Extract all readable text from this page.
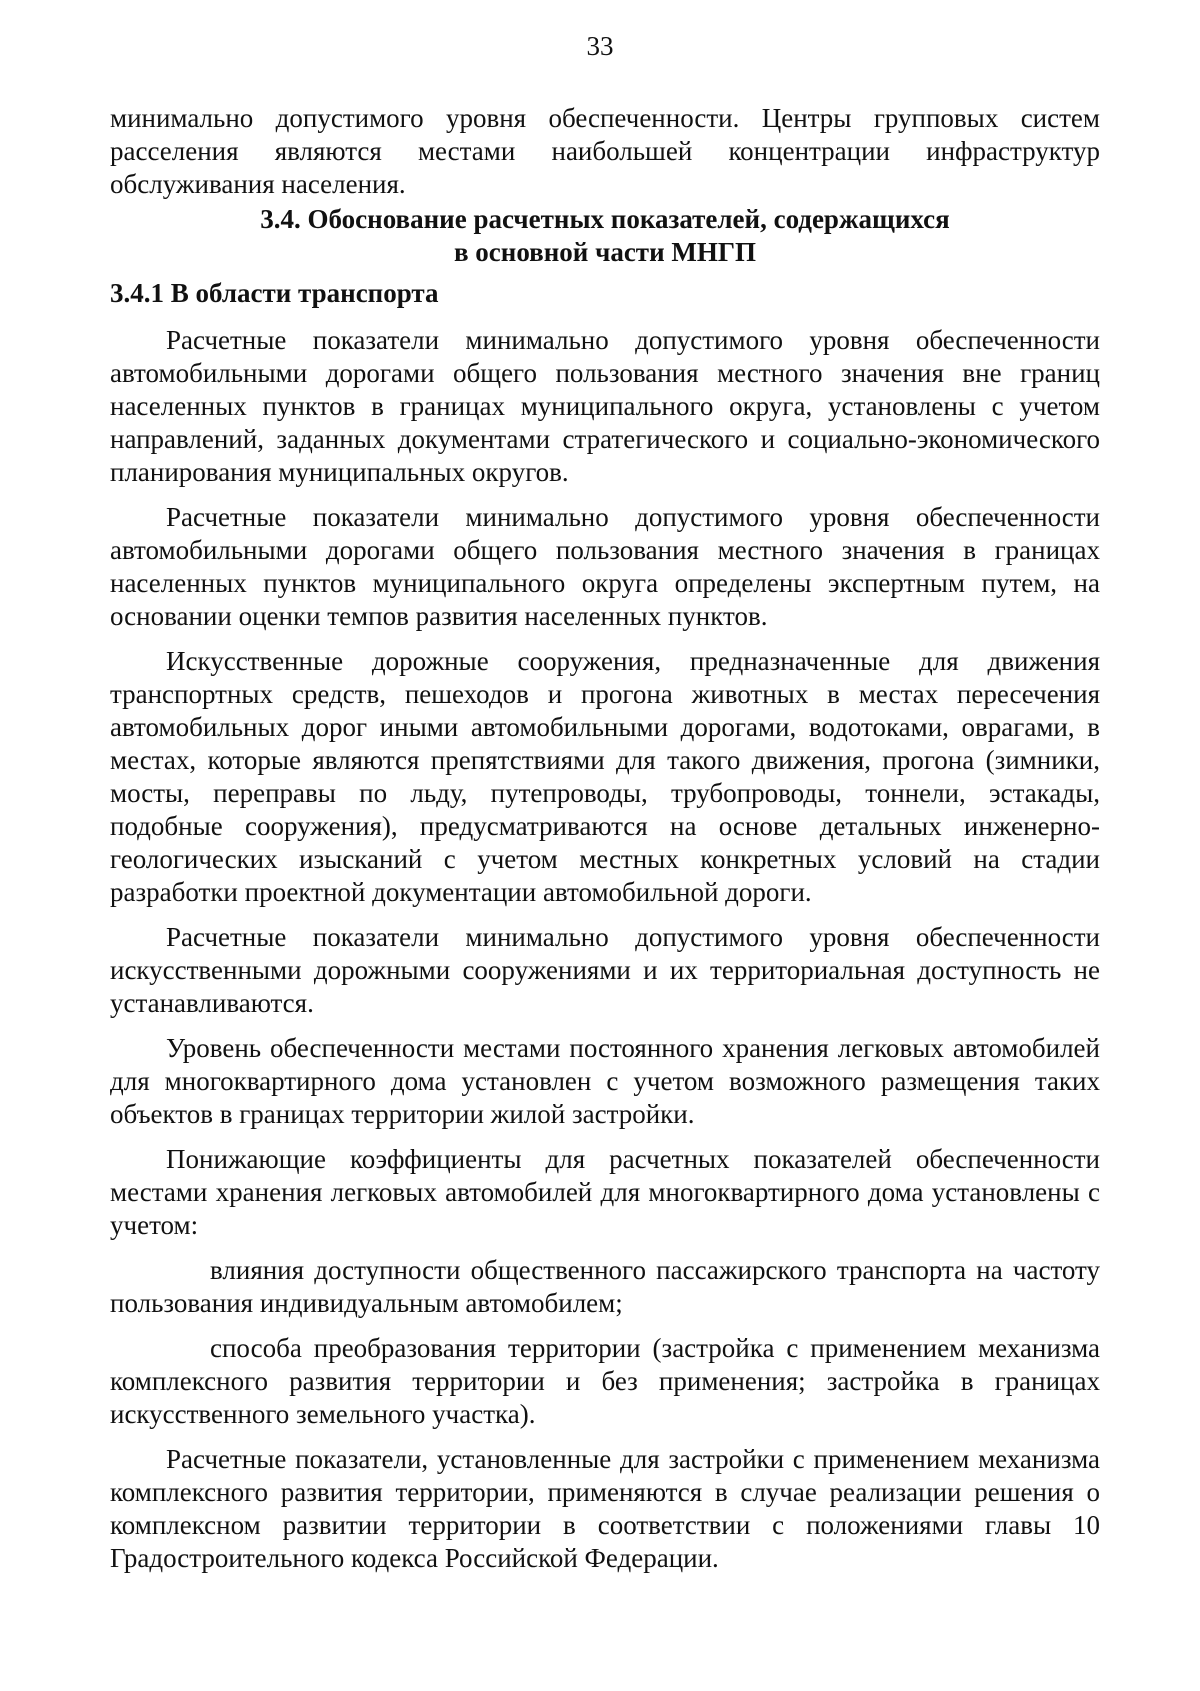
33

минимально допустимого уровня обеспеченности. Центры групповых систем расселения являются местами наибольшей концентрации инфраструктур обслуживания населения.

3.4. Обоснование расчетных показателей, содержащихся

в основной части МНГП

3.4.1 В области транспорта

Расчетные показатели минимально допустимого уровня обеспеченности автомобильными дорогами общего пользования местного значения вне границ населенных пунктов в границах муниципального округа, установлены с учетом направлений, заданных документами стратегического и социально-экономического планирования муниципальных округов.

Расчетные показатели минимально допустимого уровня обеспеченности автомобильными дорогами общего пользования местного значения в границах населенных пунктов муниципального округа определены экспертным путем, на основании оценки темпов развития населенных пунктов.

Искусственные дорожные сооружения, предназначенные для движения транспортных средств, пешеходов и прогона животных в местах пересечения автомобильных дорог иными автомобильными дорогами, водотоками, оврагами, в местах, которые являются препятствиями для такого движения, прогона (зимники, мосты, переправы по льду, путепроводы, трубопроводы, тоннели, эстакады, подобные сооружения), предусматриваются на основе детальных инженерно-геологических изысканий с учетом местных конкретных условий на стадии разработки проектной документации автомобильной дороги.

Расчетные показатели минимально допустимого уровня обеспеченности искусственными дорожными сооружениями и их территориальная доступность не устанавливаются.

Уровень обеспеченности местами постоянного хранения легковых автомобилей для многоквартирного дома установлен с учетом возможного размещения таких объектов в границах территории жилой застройки.

Понижающие коэффициенты для расчетных показателей обеспеченности местами хранения легковых автомобилей для многоквартирного дома установлены с учетом:

влияния доступности общественного пассажирского транспорта на частоту пользования индивидуальным автомобилем;

способа преобразования территории (застройка с применением механизма комплексного развития территории и без применения; застройка в границах искусственного земельного участка).

Расчетные показатели, установленные для застройки с применением механизма комплексного развития территории, применяются в случае реализации решения о комплексном развитии территории в соответствии с положениями главы 10 Градостроительного кодекса Российской Федерации.
